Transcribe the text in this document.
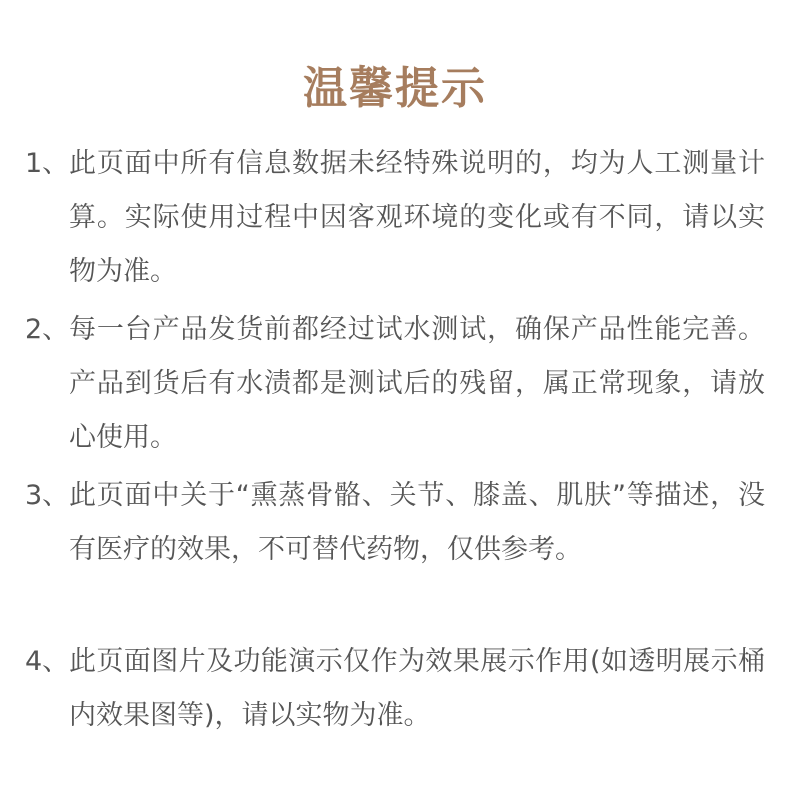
温馨提示
1、 此页面中所有信息数据未经特殊说明的，均为人工测量计算。实际使用过程中因客观环境的变化或有不同，请以实物为准。
2、 每一台产品发货前都经过试水测试，确保产品性能完善。产品到货后有水渍都是测试后的残留，属正常现象，请放心使用。
3、 此页面中关于“熏蒸骨骼、关节、膝盖、肌肤”等描述，没有医疗的效果，不可替代药物，仅供参考。
4、 此页面图片及功能演示仅作为效果展示作用(如透明展示桶内效果图等)，请以实物为准。
